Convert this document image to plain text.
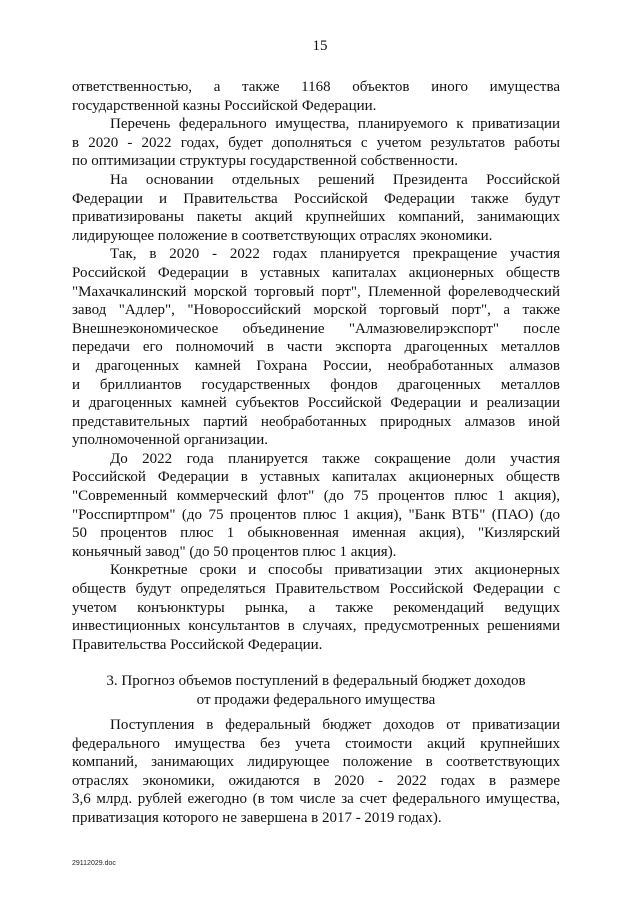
15

ответственностью, а также 1168 объектов иного имущества

государственной казны Российской Федерации.

Перечень федерального имущества, планируемого к приватизации

в 2020 - 2022 годах, будет дополняться с учетом результатов работы

по оптимизации структуры государственной собственности.

На основании отдельных решений Президента Российской

Федерации и Правительства Российской Федерации также будут

приватизированы пакеты акций крупнейших компаний, занимающих

лидирующее положение в соответствующих отраслях экономики.

Так, в 2020 - 2022 годах планируется прекращение участия

Российской Федерации в уставных капиталах акционерных обществ

"Махачкалинский морской торговый порт", Племенной форелеводческий

завод "Адлер", "Новороссийский морской торговый порт", а также

Внешнеэкономическое объединение "Алмазювелирэкспорт" после

передачи его полномочий в части экспорта драгоценных металлов

и драгоценных камней Гохрана России, необработанных алмазов

и бриллиантов государственных фондов драгоценных металлов

и драгоценных камней субъектов Российской Федерации и реализации

представительных партий необработанных природных алмазов иной

уполномоченной организации.

До 2022 года планируется также сокращение доли участия

Российской Федерации в уставных капиталах акционерных обществ

"Современный коммерческий флот" (до 75 процентов плюс 1 акция),

"Росспиртпром" (до 75 процентов плюс 1 акция), "Банк ВТБ" (ПАО) (до

50 процентов плюс 1 обыкновенная именная акция), "Кизлярский

коньячный завод" (до 50 процентов плюс 1 акция).

Конкретные сроки и способы приватизации этих акционерных

обществ будут определяться Правительством Российской Федерации с

учетом конъюнктуры рынка, а также рекомендаций ведущих

инвестиционных консультантов в случаях, предусмотренных решениями

Правительства Российской Федерации.

3. Прогноз объемов поступлений в федеральный бюджет доходов
от продажи федерального имущества

Поступления в федеральный бюджет доходов от приватизации

федерального имущества без учета стоимости акций крупнейших

компаний, занимающих лидирующее положение в соответствующих

отраслях экономики, ожидаются в 2020 - 2022 годах в размере

3,6 млрд. рублей ежегодно (в том числе за счет федерального имущества,

приватизация которого не завершена в 2017 - 2019 годах).

29112029.doc
